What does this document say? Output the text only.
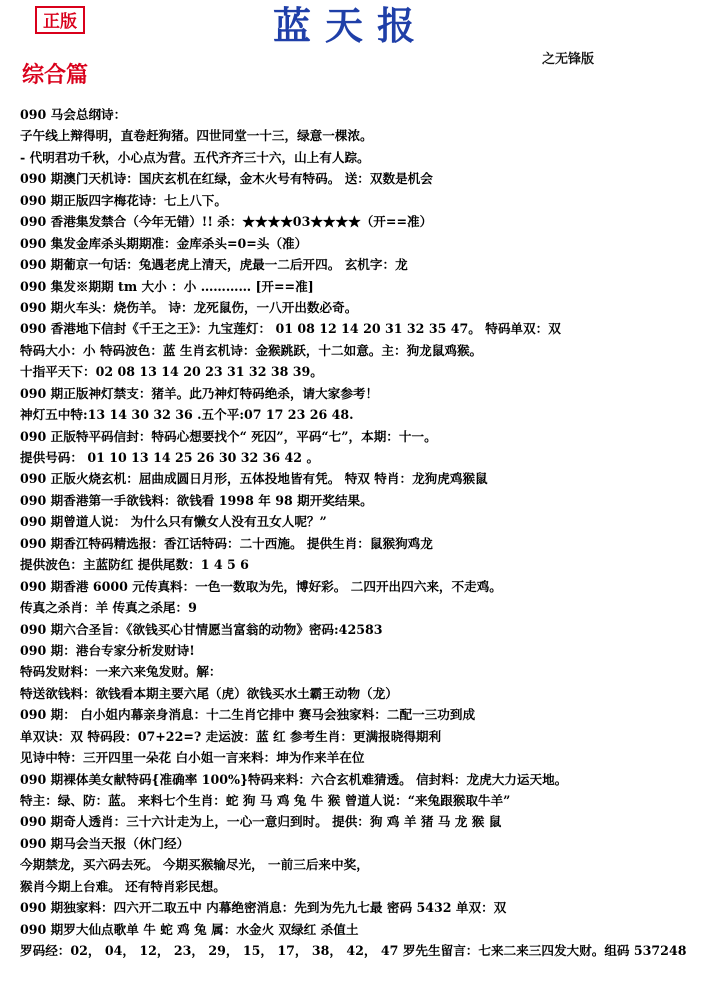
正版	蓝天报
之无锋版
综合篇
090 马会总纲诗：
子午线上辩得明，直卷赶狗猪。四世同堂一十三，绿意一棵浓。
- 代明君功千秋，小心点为营。五代齐齐三十六，山上有人踪。
090 期澳门天机诗：国庆玄机在红绿，金木火号有特码。 送：双数是机会
090 期正版四字梅花诗：七上八下。
090 香港集发禁合（今年无错）!! 杀：★★★★03★★★★（开==准）
090 集发金库杀头期期准：金库杀头=0=头（准）
090 期葡京一句话：兔遇老虎上清天，虎最一二后开四。 玄机字：龙
090 集发※期期 tm 大小 ：小 ………… [开==准]
090 期火车头：烧伤羊。 诗：龙死鼠伤，一八开出数必奇。
090 香港地下信封《千王之王》：九宝莲灯： 01 08 12 14 20 31 32 35 47。 特码单双：双
特码大小：小 特码波色：蓝 生肖玄机诗：金猴跳跃，十二如意。主：狗龙鼠鸡猴。
十指平天下：02 08 13 14 20 23 31 32 38 39。
090 期正版神灯禁支：猪羊。此乃神灯特码绝杀，请大家参考！
神灯五中特:13 14 30 32 36 .五个平:07 17 23 26 48.
090 正版特平码信封：特码心想要找个“ 死囚”，平码“七”，本期：十一。
提供号码： 01 10 13 14 25 26 30 32 36 42 。
090 正版火烧玄机：屈曲成圆日月形，五体投地皆有凭。 特双 特肖：龙狗虎鸡猴鼠
090 期香港第一手欲钱料：欲钱看 1998 年 98 期开奖结果。
090 期曾道人说： 为什么只有懒女人没有丑女人呢？”
090 期香江特码精选报：香江话特码：二十西施。 提供生肖：鼠猴狗鸡龙
提供波色：主蓝防红 提供尾数：1 4 5 6
090 期香港 6000 元传真料：一色一数取为先，博好彩。 二四开出四六来，不走鸡。
传真之杀肖：羊 传真之杀尾：9
090 期六合圣旨：《欲钱买心甘情愿当富翁的动物》密码:42583
090 期：港台专家分析发财诗!
特码发财料：一来六来兔发财。解：
特送欲钱料：欲钱看本期主要六尾（虎）欲钱买水土霸王动物（龙）
090 期： 白小姐内幕亲身消息：十二生肖它排中 赛马会独家料：二配一三功到成
单双诀：双 特码段：07+22=? 走运波：蓝 红 参考生肖：更满报晓得期利
见诗中特：三开四里一朵花 白小姐一言来料：坤为作来羊在位
090 期裸体美女献特码{准确率 100%}特码来料：六合玄机难猜透。 信封料：龙虎大力运天地。
特主：绿、防：蓝。 来料七个生肖：蛇 狗 马 鸡 兔 牛 猴 曾道人说：“来兔跟猴取牛羊”
090 期奇人透肖：三十六计走为上，一心一意归到时。 提供：狗 鸡 羊 猪 马 龙 猴 鼠
090 期马会当天报（休门经）
今期禁龙，买六码去死。 今期买猴输尽光， 一前三后来中奖，
猴肖今期上台难。 还有特肖彩民想。
090 期独家料：四六开二取五中 内幕绝密消息：先到为先九七最 密码 5432 单双：双
090 期罗大仙点歌单 牛 蛇 鸡 兔 属：水金火 双绿红 杀值土
罗码经：02， 04， 12， 23， 29， 15， 17， 38， 42， 47 罗先生留言：七来二来三四发大财。组码 537248
